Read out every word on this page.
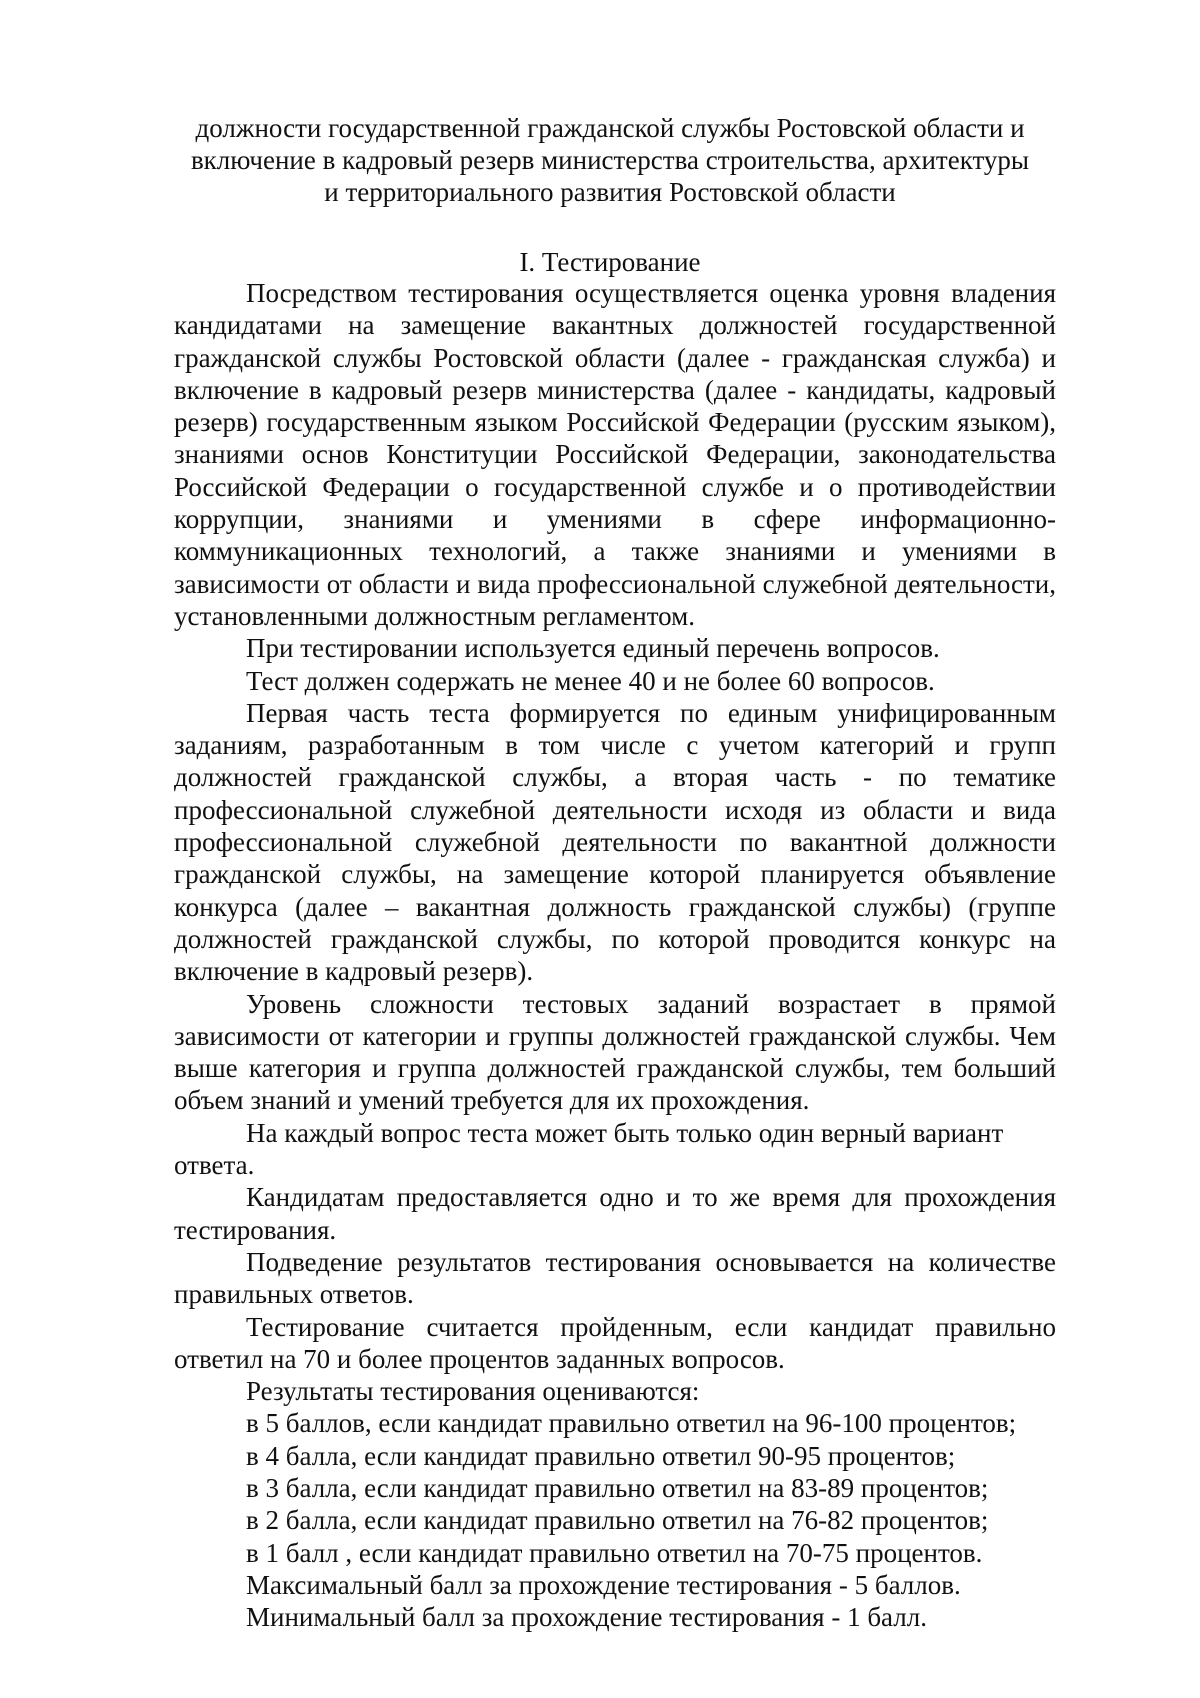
должности государственной гражданской службы Ростовской области и
включение в кадровый резерв министерства строительства, архитектуры
и территориального развития Ростовской области
I. Тестирование

Посредством тестирования осуществляется оценка уровня владения кандидатами на замещение вакантных должностей государственной гражданской службы Ростовской области (далее - гражданская служба) и включение в кадровый резерв министерства (далее - кандидаты, кадровый резерв) государственным языком Российской Федерации (русским языком), знаниями основ Конституции Российской Федерации, законодательства Российской Федерации о государственной службе и о противодействии коррупции, знаниями и умениями в сфере информационно-коммуникационных технологий, а также знаниями и умениями в зависимости от области и вида профессиональной служебной деятельности, установленными должностным регламентом.

При тестировании используется единый перечень вопросов.

Тест должен содержать не менее 40 и не более 60 вопросов.

Первая часть теста формируется по единым унифицированным заданиям, разработанным в том числе с учетом категорий и групп должностей гражданской службы, а вторая часть - по тематике профессиональной служебной деятельности исходя из области и вида профессиональной служебной деятельности по вакантной должности гражданской службы, на замещение которой планируется объявление конкурса (далее – вакантная должность гражданской службы) (группе должностей гражданской службы, по которой проводится конкурс на включение в кадровый резерв).

Уровень сложности тестовых заданий возрастает в прямой зависимости от категории и группы должностей гражданской службы. Чем выше категория и группа должностей гражданской службы, тем больший объем знаний и умений требуется для их прохождения.

На каждый вопрос теста может быть только один верный вариант ответа.

Кандидатам предоставляется одно и то же время для прохождения тестирования.

Подведение результатов тестирования основывается на количестве правильных ответов.

Тестирование считается пройденным, если кандидат правильно ответил на 70 и более процентов заданных вопросов.

Результаты тестирования оцениваются:

в 5 баллов, если кандидат правильно ответил на 96-100 процентов;

в 4 балла, если кандидат правильно ответил 90-95 процентов;

в 3 балла, если кандидат правильно ответил на 83-89 процентов;

в 2 балла, если кандидат правильно ответил на 76-82 процентов;

в 1 балл , если кандидат правильно ответил на 70-75 процентов.

Максимальный балл за прохождение тестирования - 5 баллов.

Минимальный балл за прохождение тестирования - 1 балл.
